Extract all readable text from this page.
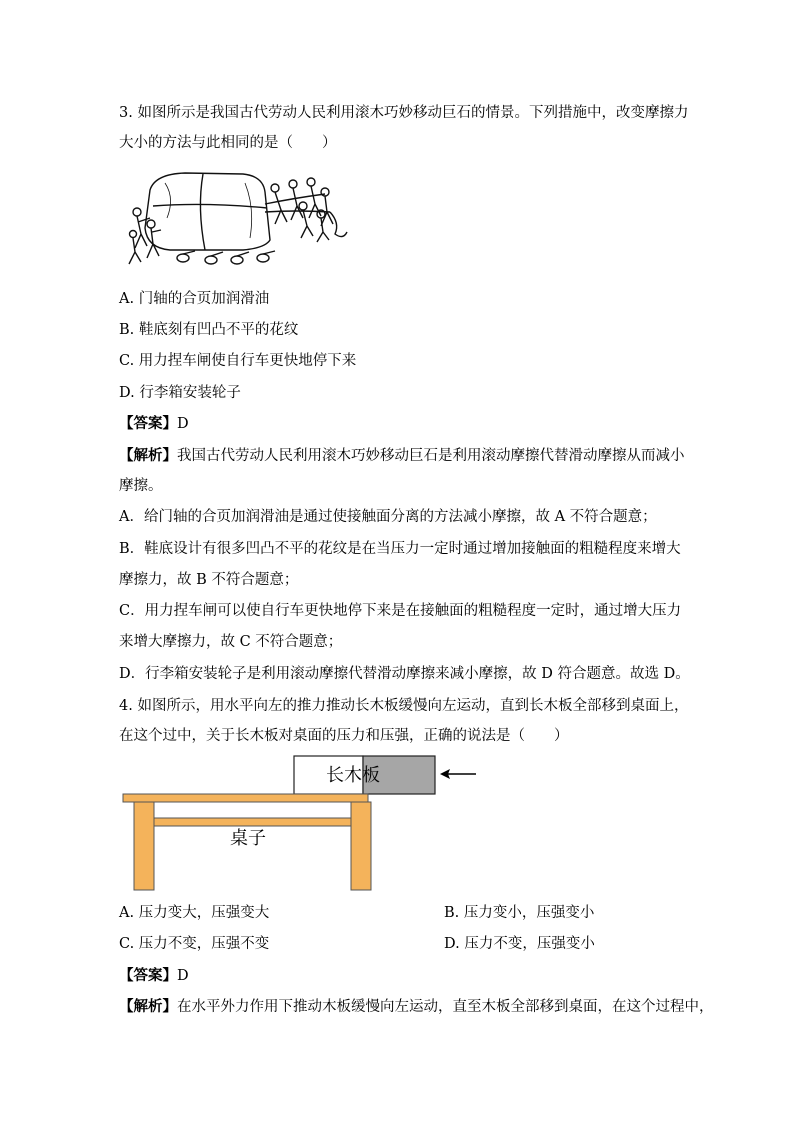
3. 如图所示是我国古代劳动人民利用滚木巧妙移动巨石的情景。下列措施中，改变摩擦力
大小的方法与此相同的是（　　）
A. 门轴的合页加润滑油
B. 鞋底刻有凹凸不平的花纹
C. 用力捏车闸使自行车更快地停下来
D. 行李箱安装轮子
【答案】D
【解析】我国古代劳动人民利用滚木巧妙移动巨石是利用滚动摩擦代替滑动摩擦从而减小
摩擦。
A．给门轴的合页加润滑油是通过使接触面分离的方法减小摩擦，故 A 不符合题意；
B．鞋底设计有很多凹凸不平的花纹是在当压力一定时通过增加接触面的粗糙程度来增大
摩擦力，故 B 不符合题意；
C．用力捏车闸可以使自行车更快地停下来是在接触面的粗糙程度一定时，通过增大压力
来增大摩擦力，故 C 不符合题意；
D．行李箱安装轮子是利用滚动摩擦代替滑动摩擦来减小摩擦，故 D 符合题意。故选 D。
4. 如图所示，用水平向左的推力推动长木板缓慢向左运动，直到长木板全部移到桌面上，
在这个过中，关于长木板对桌面的压力和压强，正确的说法是（　　）
长木板
桌子
A. 压力变大，压强变大	B. 压力变小，压强变小
C. 压力不变，压强不变	D. 压力不变，压强变小
【答案】D
【解析】在水平外力作用下推动木板缓慢向左运动，直至木板全部移到桌面，在这个过程中，
